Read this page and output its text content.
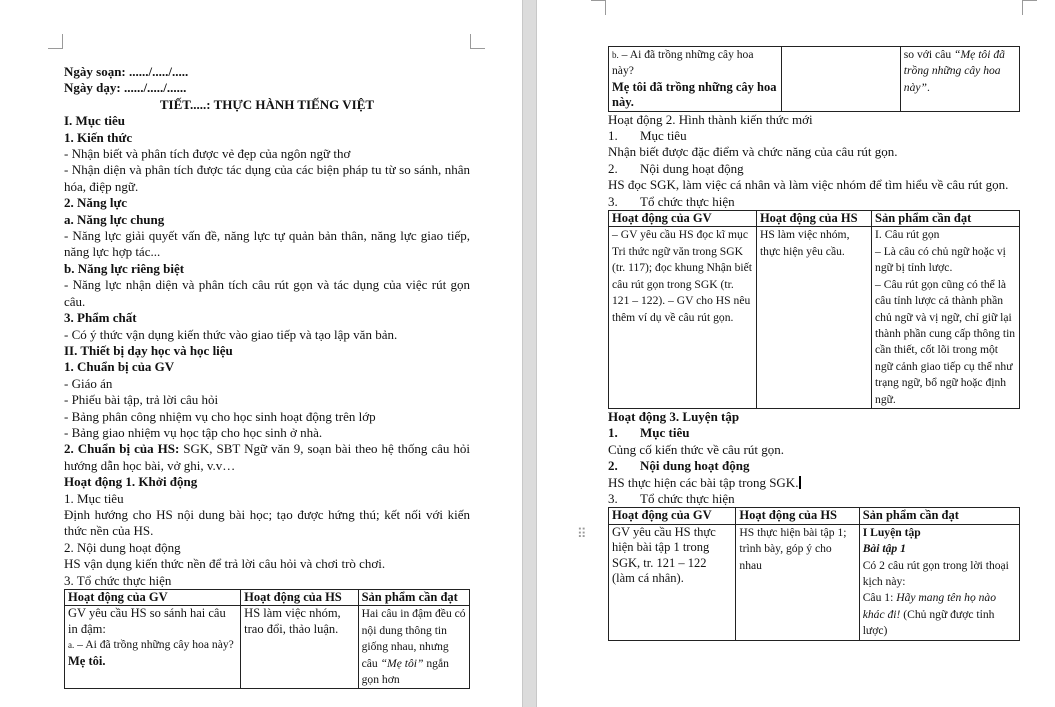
Ngày soạn: ....../...../.....
Ngày dạy: ....../...../......
TIẾT.....: THỰC HÀNH TIẾNG VIỆT
I. Mục tiêu
1. Kiến thức
- Nhận biết và phân tích được vẻ đẹp của ngôn ngữ thơ
- Nhận diện và phân tích được tác dụng của các biện pháp tu từ so sánh, nhân hóa, điệp ngữ.
2. Năng lực
a. Năng lực chung
- Năng lực giải quyết vấn đề, năng lực tự quản bản thân, năng lực giao tiếp, năng lực hợp tác...
b. Năng lực riêng biệt
- Năng lực nhận diện và phân tích câu rút gọn và tác dụng của việc rút gọn câu.
3. Phẩm chất
- Có ý thức vận dụng kiến thức vào giao tiếp và tạo lập văn bản.
II. Thiết bị dạy học và học liệu
1. Chuẩn bị của GV
- Giáo án
- Phiếu bài tập, trả lời câu hỏi
- Bảng phân công nhiệm vụ cho học sinh hoạt động trên lớp
- Bảng giao nhiệm vụ học tập cho học sinh ở nhà.
2. Chuẩn bị của HS: SGK, SBT Ngữ văn 9, soạn bài theo hệ thống câu hỏi hướng dẫn học bài, vở ghi, v.v…
Hoạt động 1. Khởi động
1. Mục tiêu
Định hướng cho HS nội dung bài học; tạo được hứng thú; kết nối với kiến thức nền của HS.
2. Nội dung hoạt động
HS vận dụng kiến thức nền để trả lời câu hỏi và chơi trò chơi.
3. Tổ chức thực hiện
Hoạt động của GV	Hoạt động của HS	Sản phẩm cần đạt

GV yêu cầu HS so sánh hai câu in đậm:
a. – Ai đã trồng những cây hoa này?
Mẹ tôi.	HS làm việc nhóm, trao đổi, thảo luận.	Hai câu in đậm đều có nội dung thông tin giống nhau, nhưng câu “Mẹ tôi” ngắn gọn hơn
⠿
b. – Ai đã trồng những cây hoa này?
Mẹ tôi đã trồng những cây hoa này.
		so với câu “Mẹ tôi đã trồng những cây hoa này”.
Hoạt động 2. Hình thành kiến thức mới
1. Mục tiêu
Nhận biết được đặc điểm và chức năng của câu rút gọn.
2. Nội dung hoạt động
HS đọc SGK, làm việc cá nhân và làm việc nhóm để tìm hiểu về câu rút gọn.
3. Tổ chức thực hiện
Hoạt động của GV	Hoạt động của HS	Sản phẩm cần đạt
– GV yêu cầu HS đọc kĩ mục Tri thức ngữ văn trong SGK (tr. 117); đọc khung Nhận biết câu rút gọn trong SGK (tr. 121 – 122). – GV cho HS nêu thêm ví dụ về câu rút gọn.	HS làm việc nhóm, thực hiện yêu cầu.	I. Câu rút gọn
– Là câu có chủ ngữ hoặc vị ngữ bị tỉnh lược.
– Câu rút gọn cũng có thể là câu tỉnh lược cả thành phần chủ ngữ và vị ngữ, chỉ giữ lại thành phần cung cấp thông tin cần thiết, cốt lõi trong một ngữ cảnh giao tiếp cụ thể như trạng ngữ, bổ ngữ hoặc định ngữ.
Hoạt động 3. Luyện tập
1. Mục tiêu
Củng cố kiến thức về câu rút gọn.
2. Nội dung hoạt động
HS thực hiện các bài tập trong SGK.
3. Tổ chức thực hiện
Hoạt động của GV	Hoạt động của HS	Sản phẩm cần đạt
GV yêu cầu HS thực hiện bài tập 1 trong SGK, tr. 121 – 122 (làm cá nhân).	HS thực hiện bài tập 1; trình bày, góp ý cho nhau	I Luyện tập
Bài tập 1
Có 2 câu rút gọn trong lời thoại kịch này:
Câu 1: Hãy mang tên họ nào khác đi! (Chủ ngữ được tỉnh lược)
